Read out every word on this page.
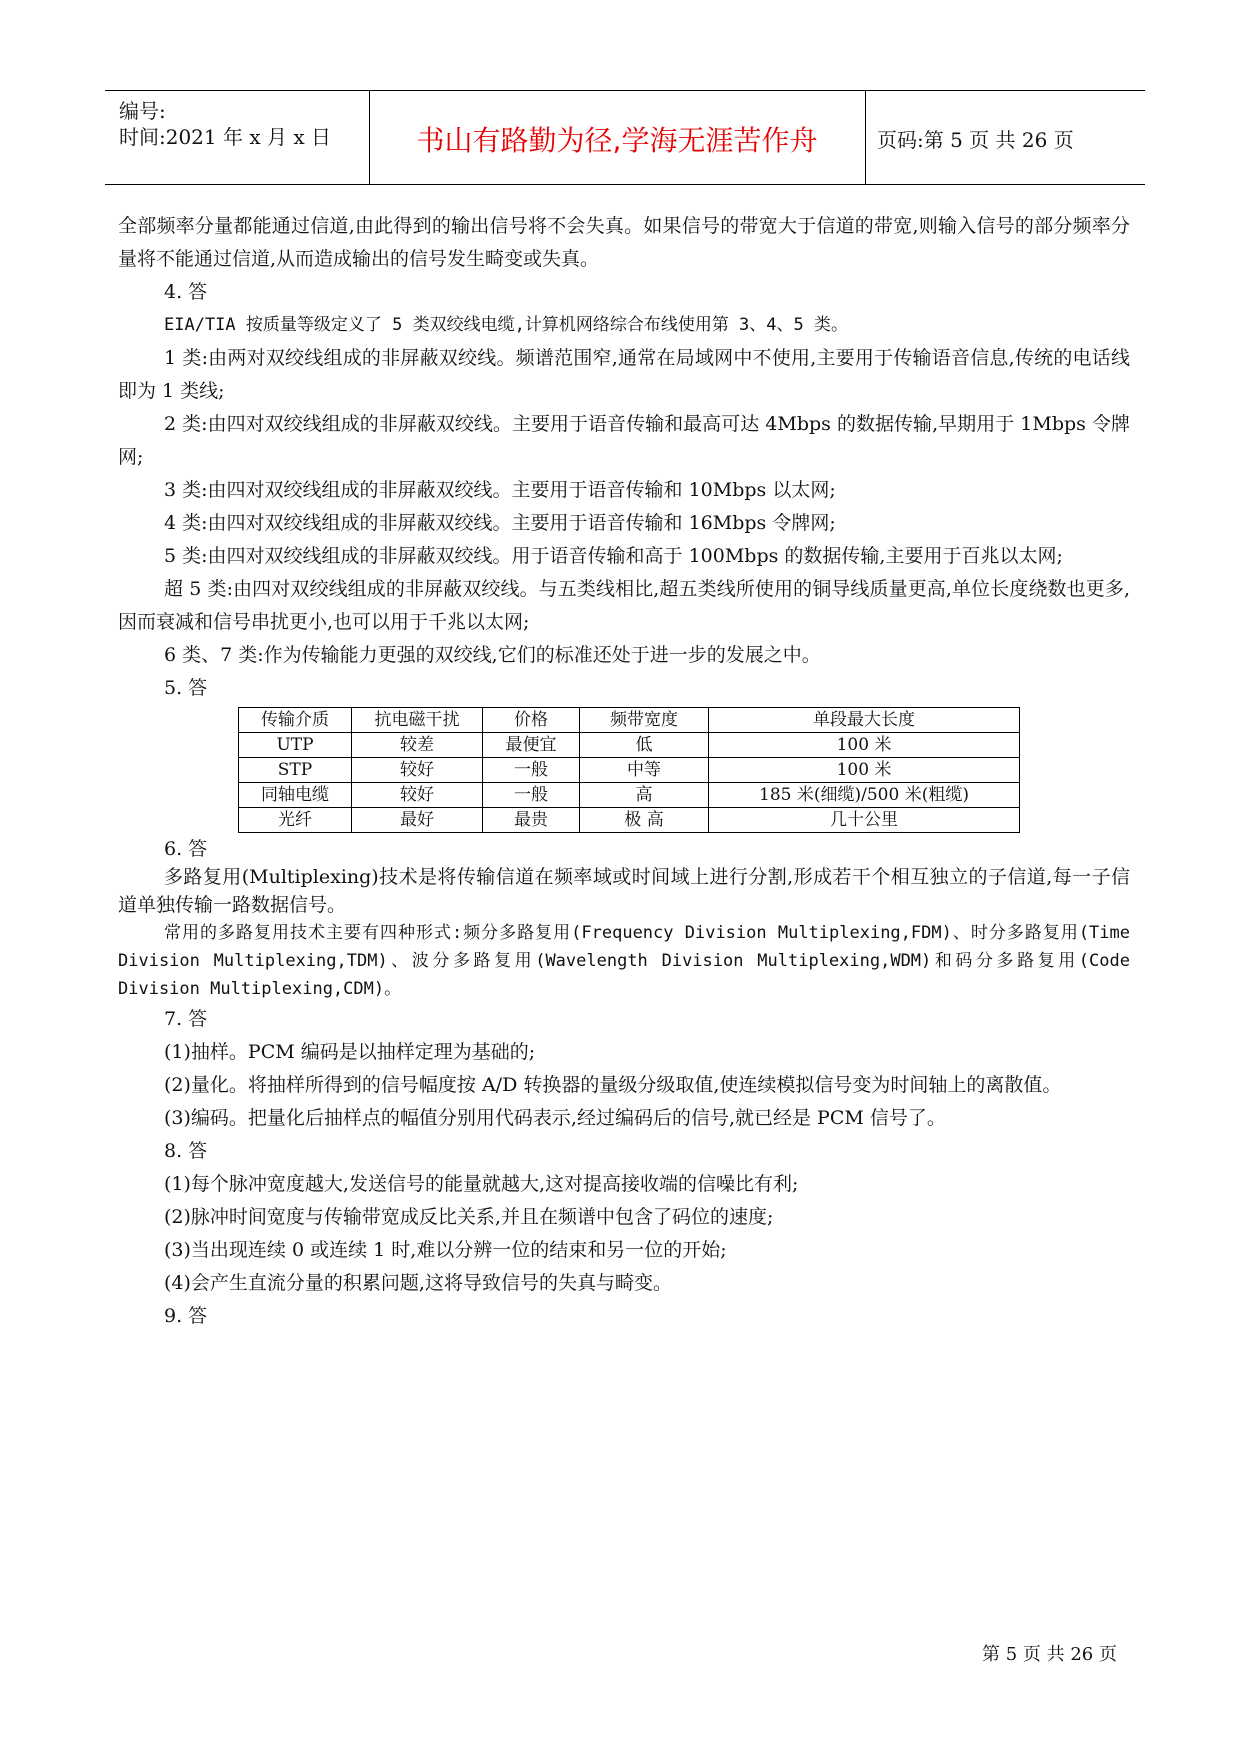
编号:
时间:2021 年 x 月 x 日	书山有路勤为径,学海无涯苦作舟	页码:第 5 页 共 26 页

全部频率分量都能通过信道,由此得到的输出信号将不会失真。如果信号的带宽大于信道的带宽,则输入信号的部分频率分量将不能通过信道,从而造成输出的信号发生畸变或失真。

4. 答

EIA/TIA 按质量等级定义了 5 类双绞线电缆,计算机网络综合布线使用第 3、4、5 类。

1 类:由两对双绞线组成的非屏蔽双绞线。频谱范围窄,通常在局域网中不使用,主要用于传输语音信息,传统的电话线即为 1 类线;

2 类:由四对双绞线组成的非屏蔽双绞线。主要用于语音传输和最高可达 4Mbps 的数据传输,早期用于 1Mbps 令牌网;

3 类:由四对双绞线组成的非屏蔽双绞线。主要用于语音传输和 10Mbps 以太网;

4 类:由四对双绞线组成的非屏蔽双绞线。主要用于语音传输和 16Mbps 令牌网;

5 类:由四对双绞线组成的非屏蔽双绞线。用于语音传输和高于 100Mbps 的数据传输,主要用于百兆以太网;

超 5 类:由四对双绞线组成的非屏蔽双绞线。与五类线相比,超五类线所使用的铜导线质量更高,单位长度绕数也更多,因而衰减和信号串扰更小,也可以用于千兆以太网;

6 类、7 类:作为传输能力更强的双绞线,它们的标准还处于进一步的发展之中。

5. 答

传输介质	抗电磁干扰	价格	频带宽度	单段最大长度
UTP	较差	最便宜	低	100 米
STP	较好	一般	中等	100 米
同轴电缆	较好	一般	高	185 米(细缆)/500 米(粗缆)
光纤	最好	最贵	极 高	几十公里

6. 答

多路复用(Multiplexing)技术是将传输信道在频率域或时间域上进行分割,形成若干个相互独立的子信道,每一子信道单独传输一路数据信号。

常用的多路复用技术主要有四种形式:频分多路复用(Frequency Division Multiplexing,FDM)、时分多路复用(Time Division Multiplexing,TDM)、波分多路复用(Wavelength Division Multiplexing,WDM)和码分多路复用(Code Division Multiplexing,CDM)。

7. 答

(1)抽样。PCM 编码是以抽样定理为基础的;

(2)量化。将抽样所得到的信号幅度按 A/D 转换器的量级分级取值,使连续模拟信号变为时间轴上的离散值。

(3)编码。把量化后抽样点的幅值分别用代码表示,经过编码后的信号,就已经是 PCM 信号了。

8. 答

(1)每个脉冲宽度越大,发送信号的能量就越大,这对提高接收端的信噪比有利;

(2)脉冲时间宽度与传输带宽成反比关系,并且在频谱中包含了码位的速度;

(3)当出现连续 0 或连续 1 时,难以分辨一位的结束和另一位的开始;

(4)会产生直流分量的积累问题,这将导致信号的失真与畸变。

9. 答

第 5 页 共 26 页
